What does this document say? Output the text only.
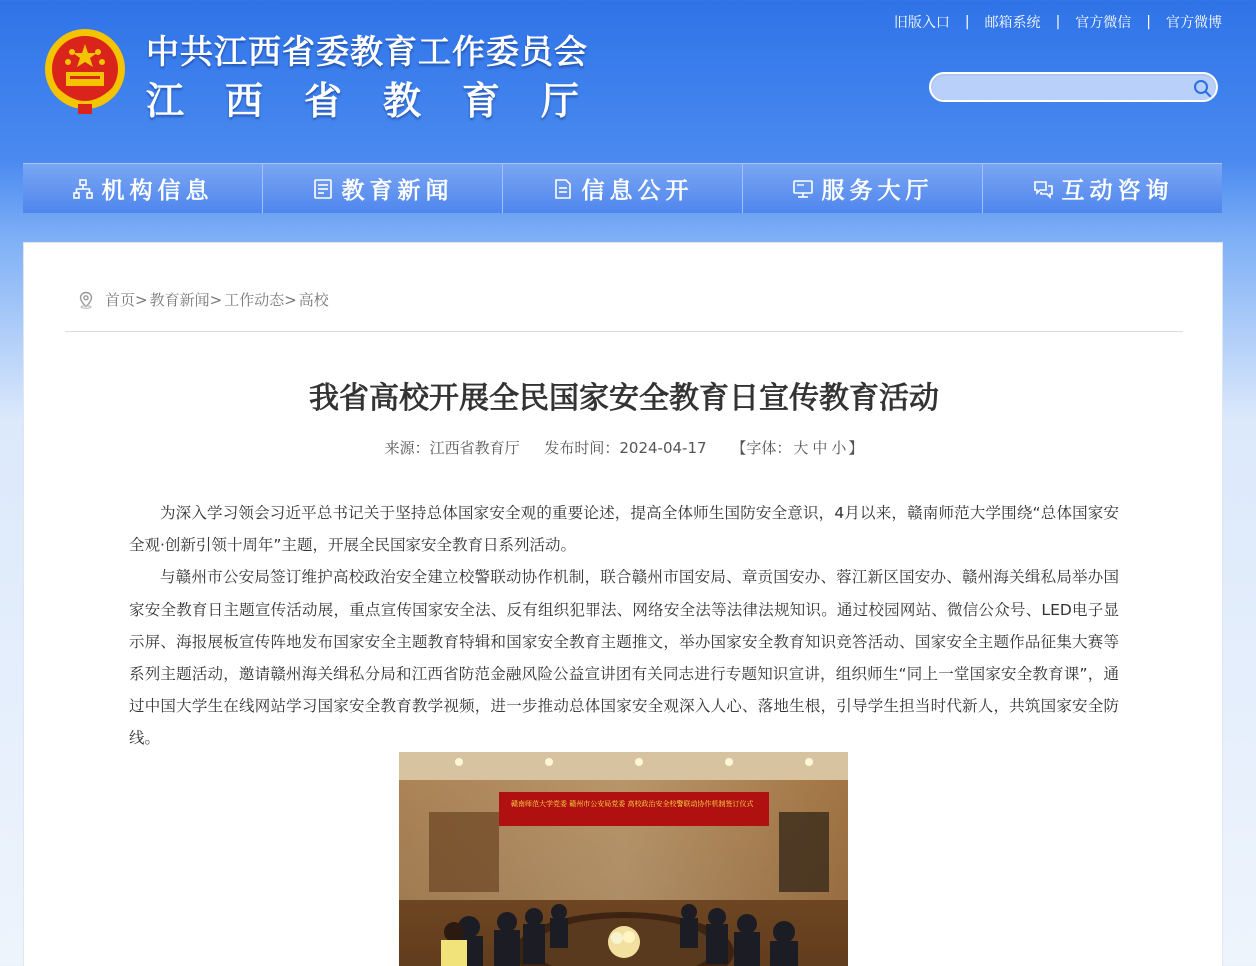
中共江西省委教育工作委员会
江西省教育厅
旧版入口 | 邮箱系统 | 官方微信 | 官方微博
机构信息	教育新闻	信息公开	服务大厅	互动咨询
首页 > 教育新闻 > 工作动态 > 高校
我省高校开展全民国家安全教育日宣传教育活动
来源：江西省教育厅 发布时间：2024-04-17 【字体： 大 中 小 】

为深入学习领会习近平总书记关于坚持总体国家安全观的重要论述，提高全体师生国防安全意识，4月以来，赣南师范大学围绕“总体国家安全观·创新引领十周年”主题，开展全民国家安全教育日系列活动。

与赣州市公安局签订维护高校政治安全建立校警联动协作机制，联合赣州市国安局、章贡国安办、蓉江新区国安办、赣州海关缉私局举办国家安全教育日主题宣传活动展，重点宣传国家安全法、反有组织犯罪法、网络安全法等法律法规知识。通过校园网站、微信公众号、LED电子显示屏、海报展板宣传阵地发布国家安全主题教育特辑和国家安全教育主题推文，举办国家安全教育知识竞答活动、国家安全主题作品征集大赛等系列主题活动，邀请赣州海关缉私分局和江西省防范金融风险公益宣讲团有关同志进行专题知识宣讲，组织师生“同上一堂国家安全教育课”，通过中国大学生在线网站学习国家安全教育教学视频，进一步推动总体国家安全观深入人心、落地生根，引导学生担当时代新人，共筑国家安全防线。

赣南师范大学党委 赣州市公安局党委 高校政治安全校警联动协作机制签订仪式
